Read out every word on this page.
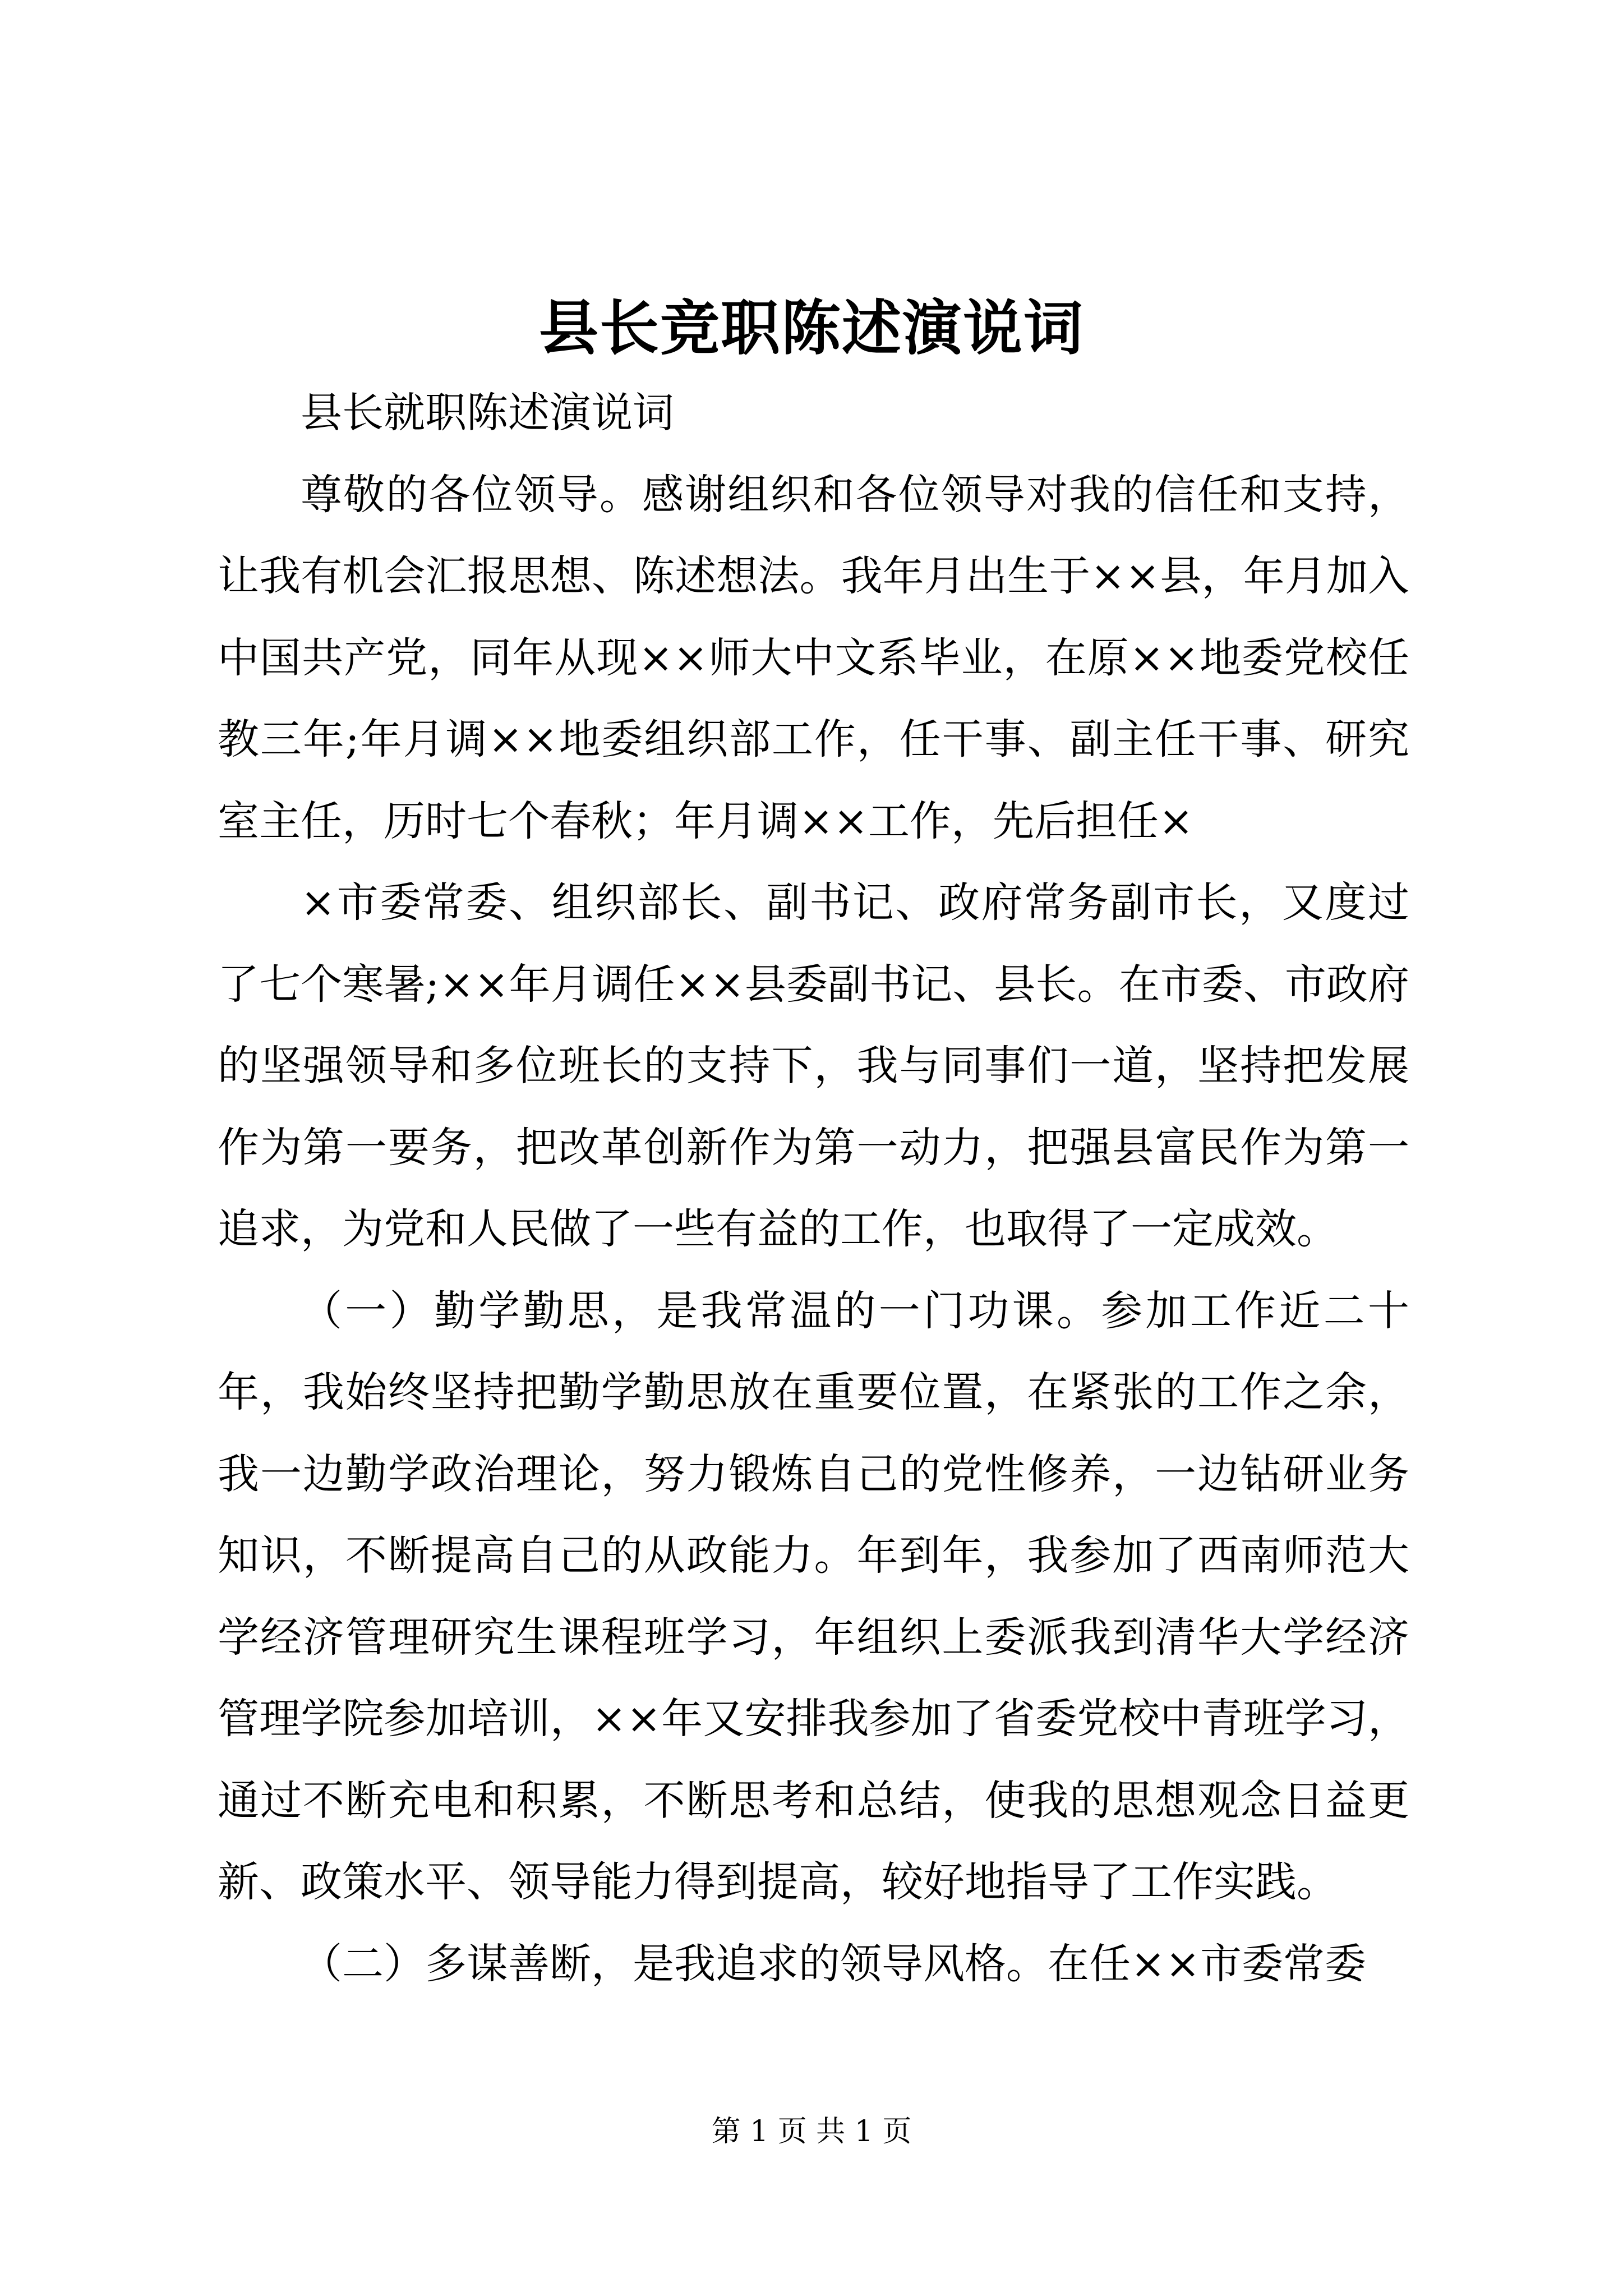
县长竞职陈述演说词

县长就职陈述演说词

尊敬的各位领导。感谢组织和各位领导对我的信任和支持，让我有机会汇报思想、陈述想法。我年月出生于××县，年月加入中国共产党，同年从现××师大中文系毕业，在原××地委党校任教三年;年月调××地委组织部工作，任干事、副主任干事、研究室主任，历时七个春秋；年月调××工作，先后担任×

×市委常委、组织部长、副书记、政府常务副市长，又度过了七个寒暑;××年月调任××县委副书记、县长。在市委、市政府的坚强领导和多位班长的支持下，我与同事们一道，坚持把发展作为第一要务，把改革创新作为第一动力，把强县富民作为第一追求，为党和人民做了一些有益的工作，也取得了一定成效。

（一）勤学勤思，是我常温的一门功课。参加工作近二十年，我始终坚持把勤学勤思放在重要位置，在紧张的工作之余，我一边勤学政治理论，努力锻炼自己的党性修养，一边钻研业务知识，不断提高自己的从政能力。年到年，我参加了西南师范大学经济管理研究生课程班学习，年组织上委派我到清华大学经济管理学院参加培训，××年又安排我参加了省委党校中青班学习，通过不断充电和积累，不断思考和总结，使我的思想观念日益更新、政策水平、领导能力得到提高，较好地指导了工作实践。

（二）多谋善断，是我追求的领导风格。在任××市委常委

第 1 页 共 1 页
